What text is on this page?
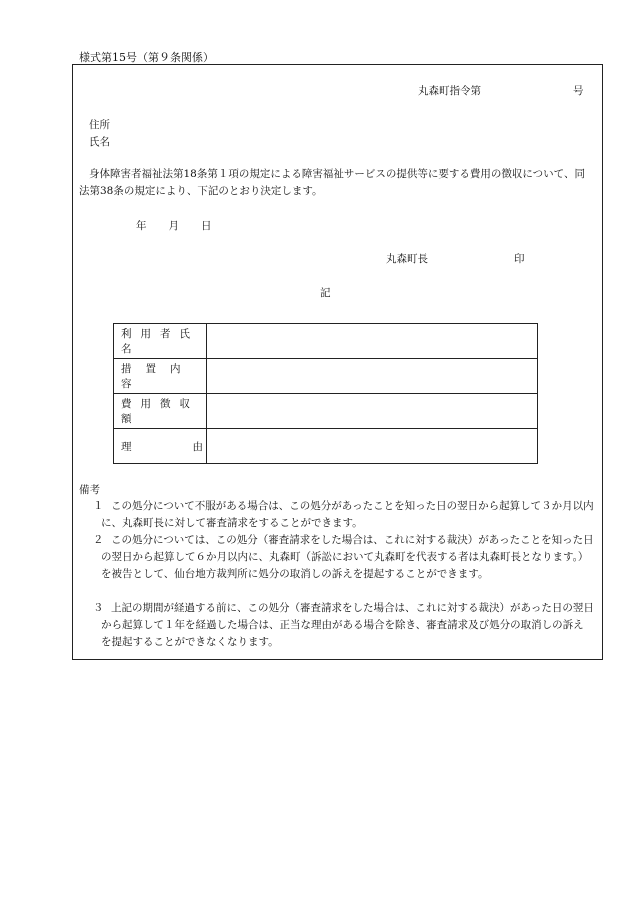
様式第15号（第９条関係）
丸森町指令第	号
住所
氏名
身体障害者福祉法第18条第１項の規定による障害福祉サービスの提供等に要する費用の徴収について、同法第38条の規定により、下記のとおり決定します。
年 月 日
丸森町長	印
記
利用者氏名	
措置内容	
費用徴収額	

理 由	

備考
１ この処分について不服がある場合は、この処分があったことを知った日の翌日から起算して３か月以内に、丸森町長に対して審査請求をすることができます。
２ この処分については、この処分（審査請求をした場合は、これに対する裁決）があったことを知った日の翌日から起算して６か月以内に、丸森町（訴訟において丸森町を代表する者は丸森町長となります。）を被告として、仙台地方裁判所に処分の取消しの訴えを提起することができます。
３ 上記の期間が経過する前に、この処分（審査請求をした場合は、これに対する裁決）があった日の翌日から起算して１年を経過した場合は、正当な理由がある場合を除き、審査請求及び処分の取消しの訴えを提起することができなくなります。
